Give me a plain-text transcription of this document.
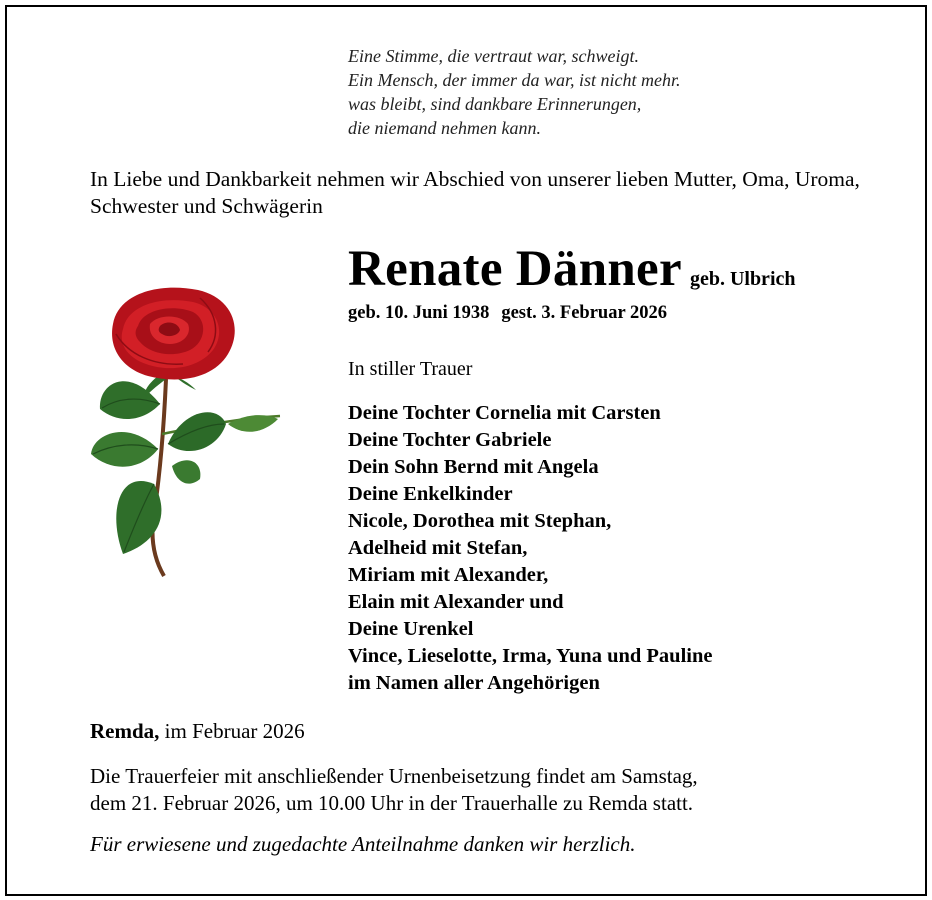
Eine Stimme, die vertraut war, schweigt.
Ein Mensch, der immer da war, ist nicht mehr.
was bleibt, sind dankbare Erinnerungen,
die niemand nehmen kann.
In Liebe und Dankbarkeit nehmen wir Abschied von unserer lieben Mutter, Oma, Uroma, Schwester und Schwägerin
Renate Dänner geb. Ulbrich
geb. 10. Juni 1938 gest. 3. Februar 2026
In stiller Trauer
Deine Tochter Cornelia mit Carsten
Deine Tochter Gabriele
Dein Sohn Bernd mit Angela
Deine Enkelkinder
Nicole, Dorothea mit Stephan,
Adelheid mit Stefan,
Miriam mit Alexander,
Elain mit Alexander und
Deine Urenkel
Vince, Lieselotte, Irma, Yuna und Pauline
im Namen aller Angehörigen
Remda, im Februar 2026
Die Trauerfeier mit anschließender Urnenbeisetzung findet am Samstag,
dem 21. Februar 2026, um 10.00 Uhr in der Trauerhalle zu Remda statt.
Für erwiesene und zugedachte Anteilnahme danken wir herzlich.
